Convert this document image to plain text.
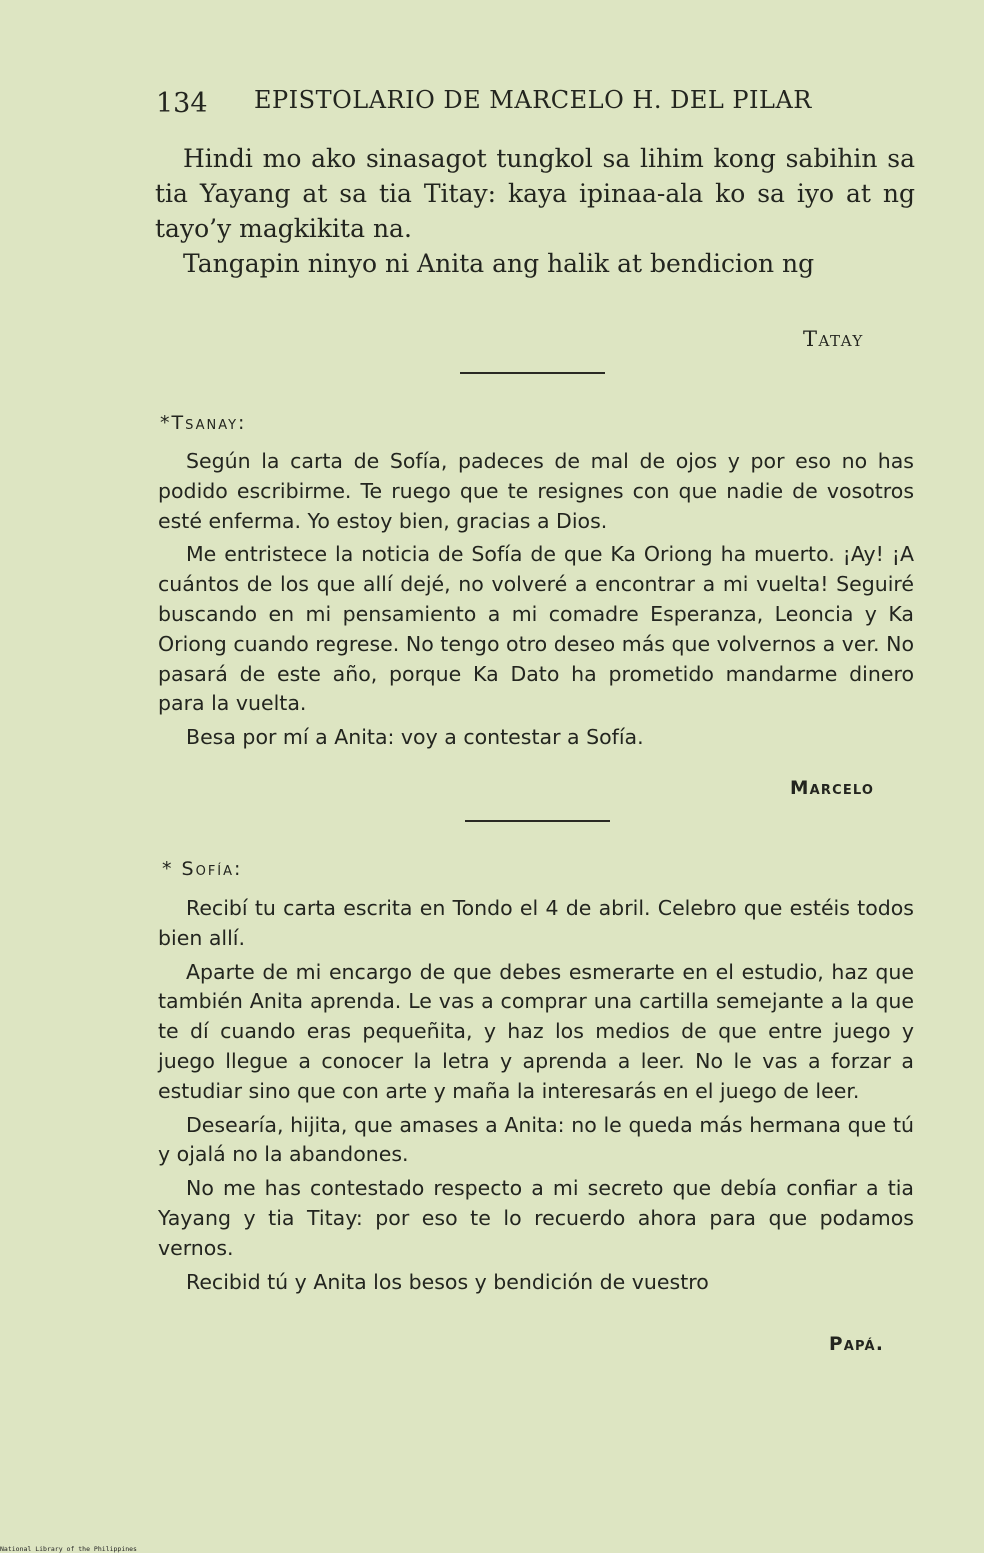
134 EPISTOLARIO DE MARCELO H. DEL PILAR

Hindi mo ako sinasagot tungkol sa lihim kong sabihin sa tia Yayang at sa tia Titay: kaya ipinaa-ala ko sa iyo at ng tayo’y magkikita na.

Tangapin ninyo ni Anita ang halik at bendicion ng

Tatay
*Tsanay:

Según la carta de Sofía, padeces de mal de ojos y por eso no has podido escribirme. Te ruego que te resignes con que nadie de vosotros esté enferma. Yo estoy bien, gracias a Dios.

Me entristece la noticia de Sofía de que Ka Oriong ha muerto. ¡Ay! ¡A cuántos de los que allí dejé, no volveré a encontrar a mi vuelta! Seguiré buscando en mi pensamiento a mi comadre Esperanza, Leoncia y Ka Oriong cuando regrese. No tengo otro deseo más que volvernos a ver. No pasará de este año, porque Ka Dato ha prometido mandarme dinero para la vuelta.

Besa por mí a Anita: voy a contestar a Sofía.

Marcelo
* Sofía:

Recibí tu carta escrita en Tondo el 4 de abril. Celebro que estéis todos bien allí.

Aparte de mi encargo de que debes esmerarte en el estudio, haz que también Anita aprenda. Le vas a comprar una cartilla semejante a la que te dí cuando eras pequeñita, y haz los medios de que entre juego y juego llegue a conocer la letra y aprenda a leer. No le vas a forzar a estudiar sino que con arte y maña la interesarás en el juego de leer.

Desearía, hijita, que amases a Anita: no le queda más hermana que tú y ojalá no la abandones.

No me has contestado respecto a mi secreto que debía confiar a tia Yayang y tia Titay: por eso te lo recuerdo ahora para que podamos vernos.

Recibid tú y Anita los besos y bendición de vuestro

Papá.
National Library of the Philippines
